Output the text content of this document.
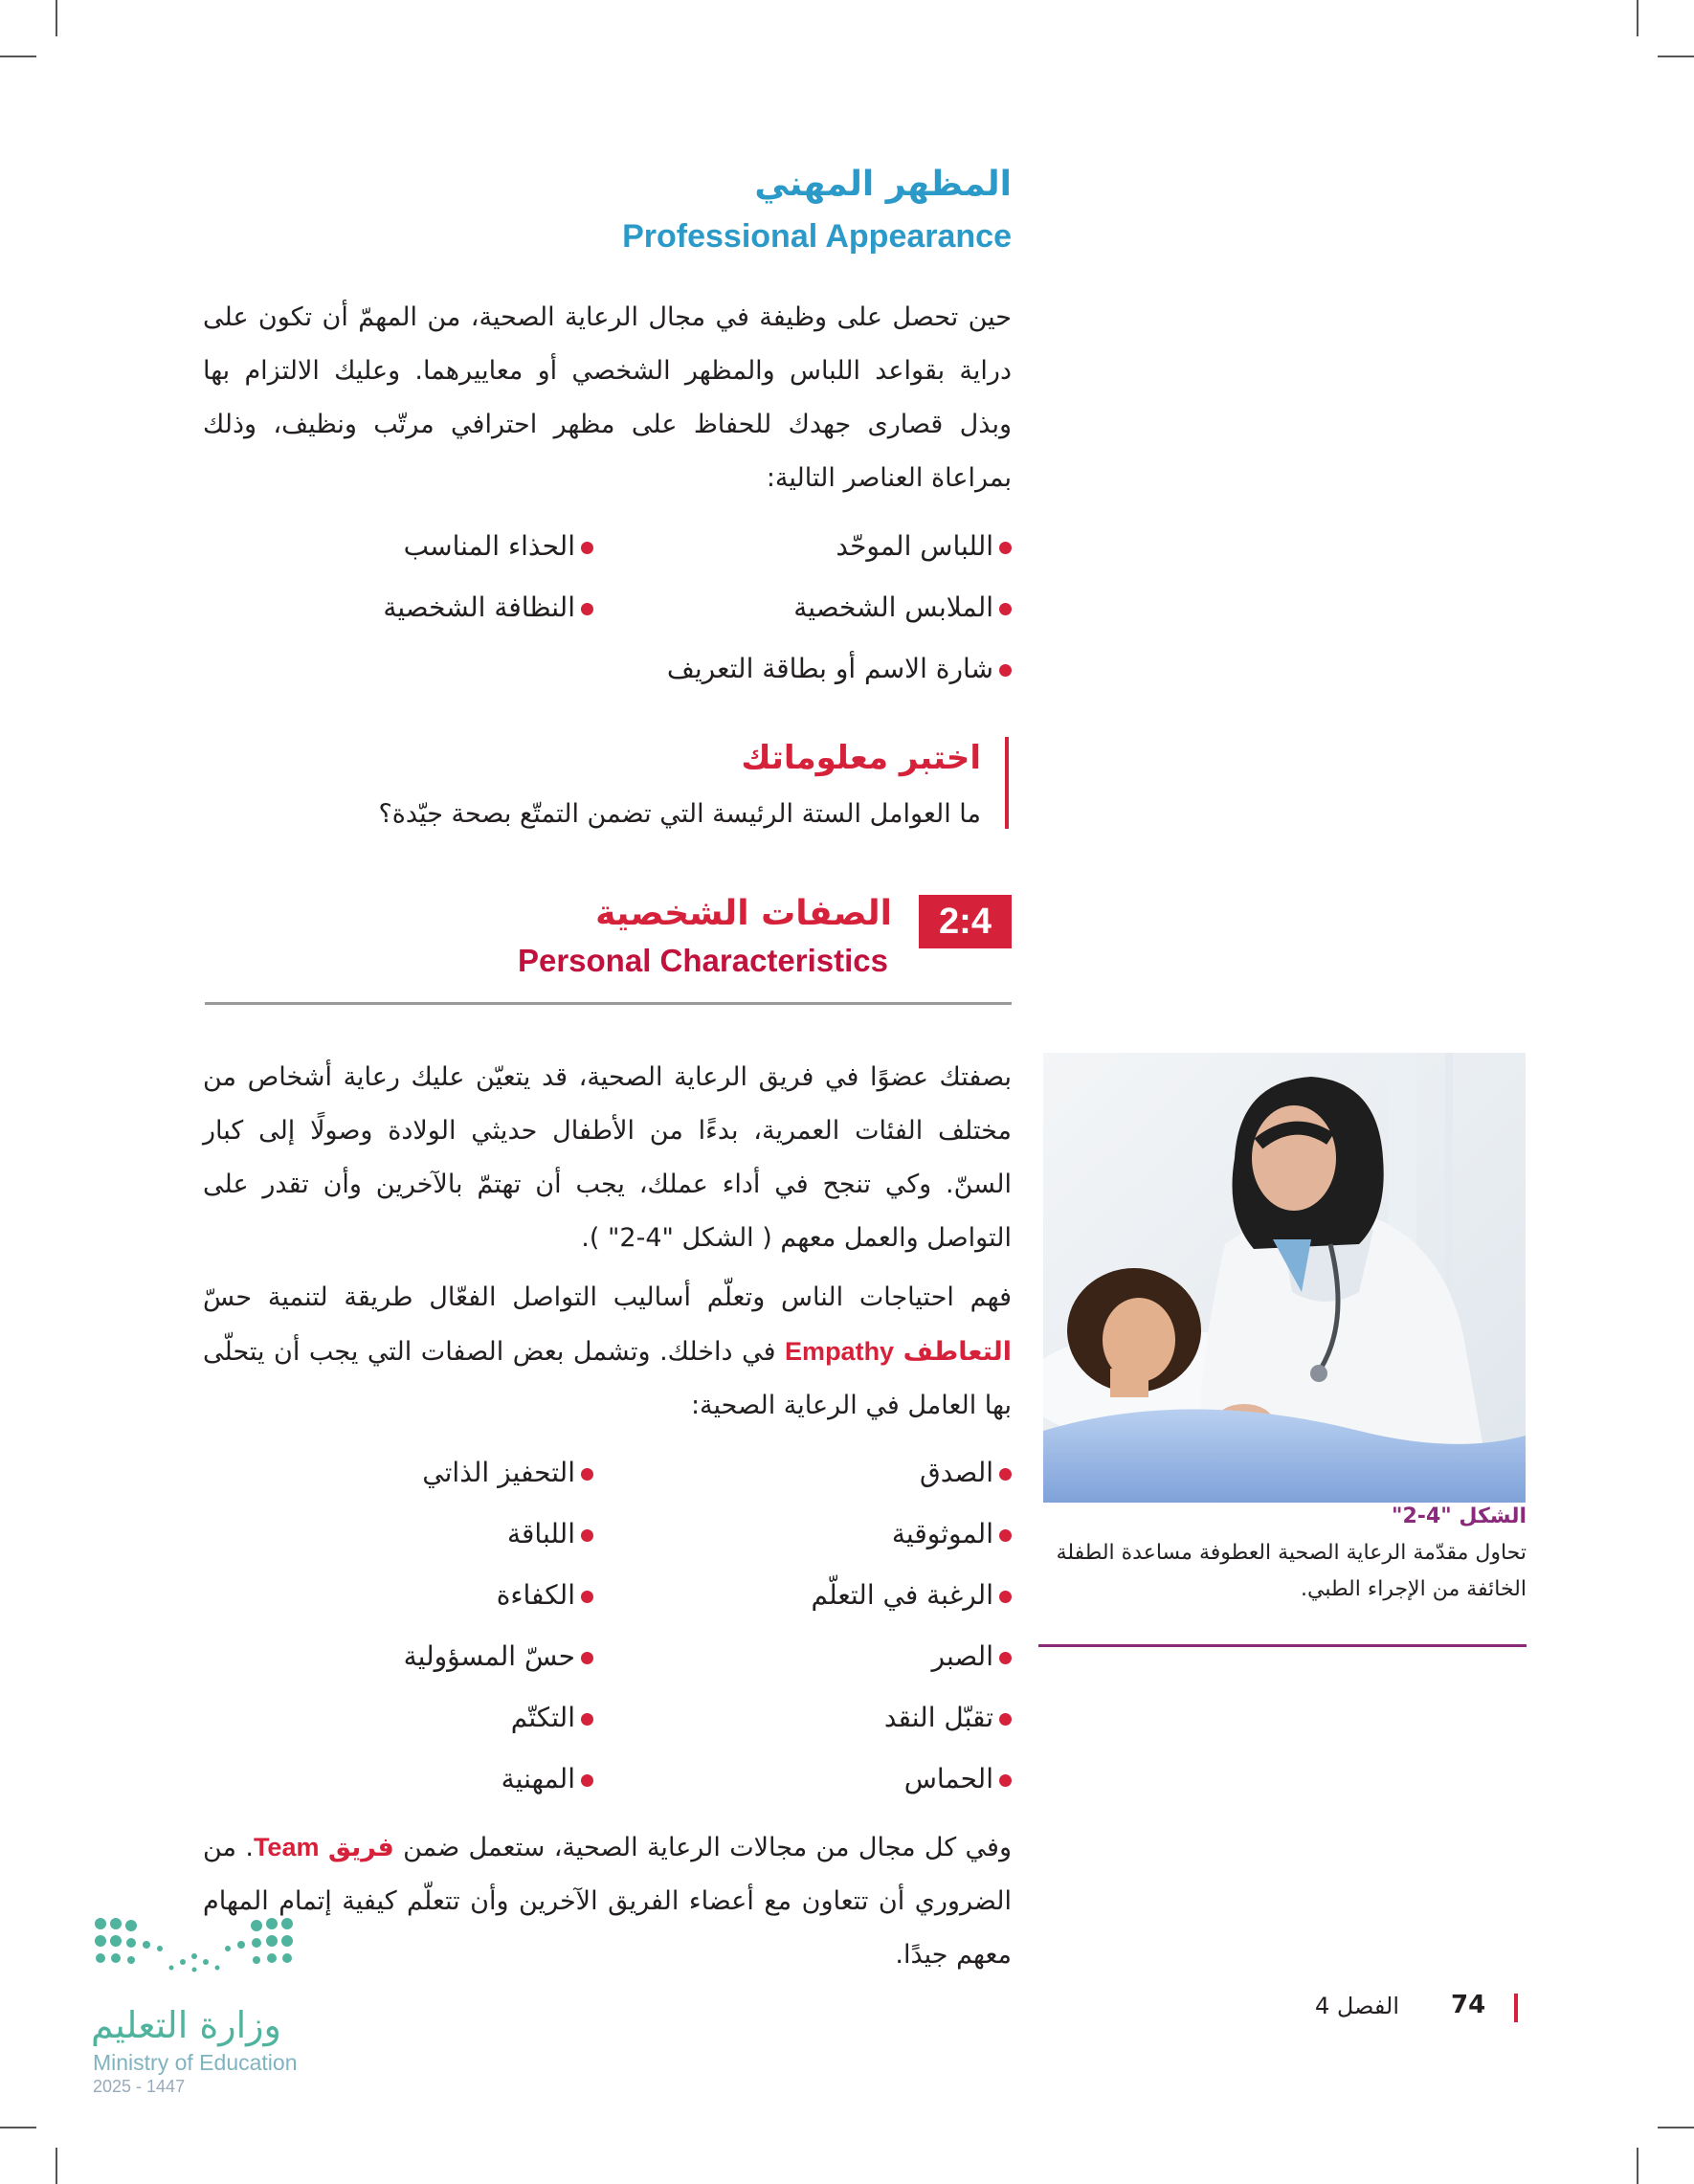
المظهر المهني
Professional Appearance
حين تحصل على وظيفة في مجال الرعاية الصحية، من المهمّ أن تكون على دراية بقواعد اللباس والمظهر الشخصي أو معاييرهما. وعليك الالتزام بها وبذل قصارى جهدك للحفاظ على مظهر احترافي مرتّب ونظيف، وذلك بمراعاة العناصر التالية:
اللباس الموحّد
الملابس الشخصية
شارة الاسم أو بطاقة التعريف
الحذاء المناسب
النظافة الشخصية
اختبر معلوماتك
ما العوامل الستة الرئيسة التي تضمن التمتّع بصحة جيّدة؟
2:4
الصفات الشخصية
Personal Characteristics
بصفتك عضوًا في فريق الرعاية الصحية، قد يتعيّن عليك رعاية أشخاص من مختلف الفئات العمرية، بدءًا من الأطفال حديثي الولادة وصولًا إلى كبار السنّ. وكي تنجح في أداء عملك، يجب أن تهتمّ بالآخرين وأن تقدر على التواصل والعمل معهم ( الشكل "4-2" ).
فهم احتياجات الناس وتعلّم أساليب التواصل الفعّال طريقة لتنمية حسّ التعاطف Empathy في داخلك. وتشمل بعض الصفات التي يجب أن يتحلّى بها العامل في الرعاية الصحية:
الصدق
الموثوقية
الرغبة في التعلّم
الصبر
تقبّل النقد
الحماس
التحفيز الذاتي
اللباقة
الكفاءة
حسّ المسؤولية
التكتّم
المهنية
وفي كل مجال من مجالات الرعاية الصحية، ستعمل ضمن فريق Team. من الضروري أن تتعاون مع أعضاء الفريق الآخرين وأن تتعلّم كيفية إتمام المهام معهم جيدًا.
الشكل "4-2"
تحاول مقدّمة الرعاية الصحية العطوفة مساعدة الطفلة الخائفة من الإجراء الطبي.
74
الفصل 4
وزارة التعليم
Ministry of Education
2025 - 1447
